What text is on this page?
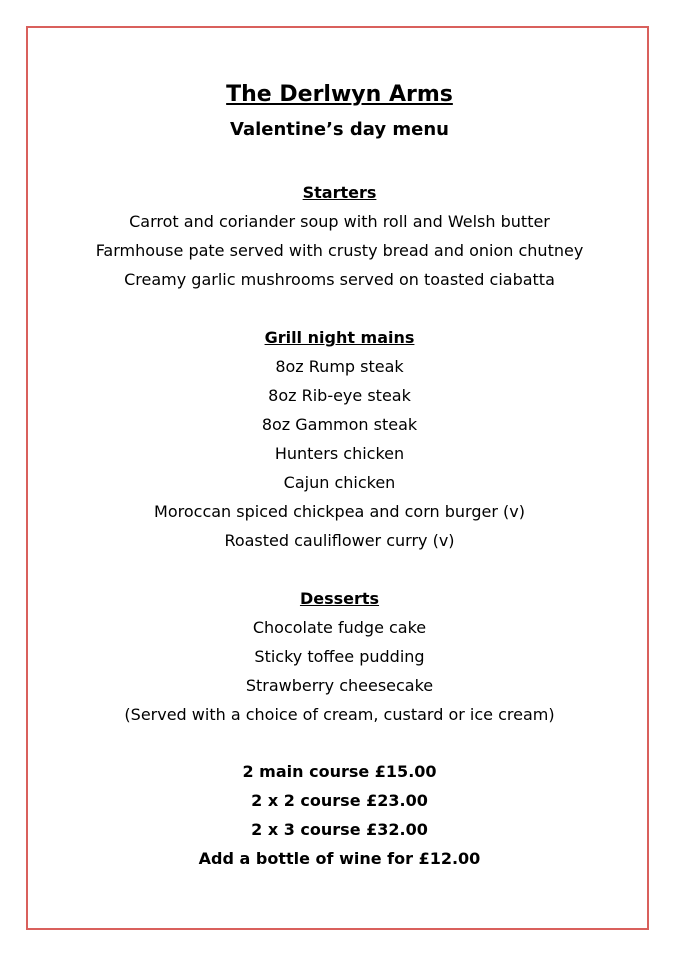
The Derlwyn Arms
Valentine’s day menu

Starters

Carrot and coriander soup with roll and Welsh butter

Farmhouse pate served with crusty bread and onion chutney

Creamy garlic mushrooms served on toasted ciabatta

Grill night mains

8oz Rump steak

8oz Rib-eye steak

8oz Gammon steak

Hunters chicken

Cajun chicken

Moroccan spiced chickpea and corn burger (v)

Roasted cauliflower curry (v)

Desserts

Chocolate fudge cake

Sticky toffee pudding

Strawberry cheesecake

(Served with a choice of cream, custard or ice cream)

2 main course £15.00

2 x 2 course £23.00

2 x 3 course £32.00

Add a bottle of wine for £12.00
